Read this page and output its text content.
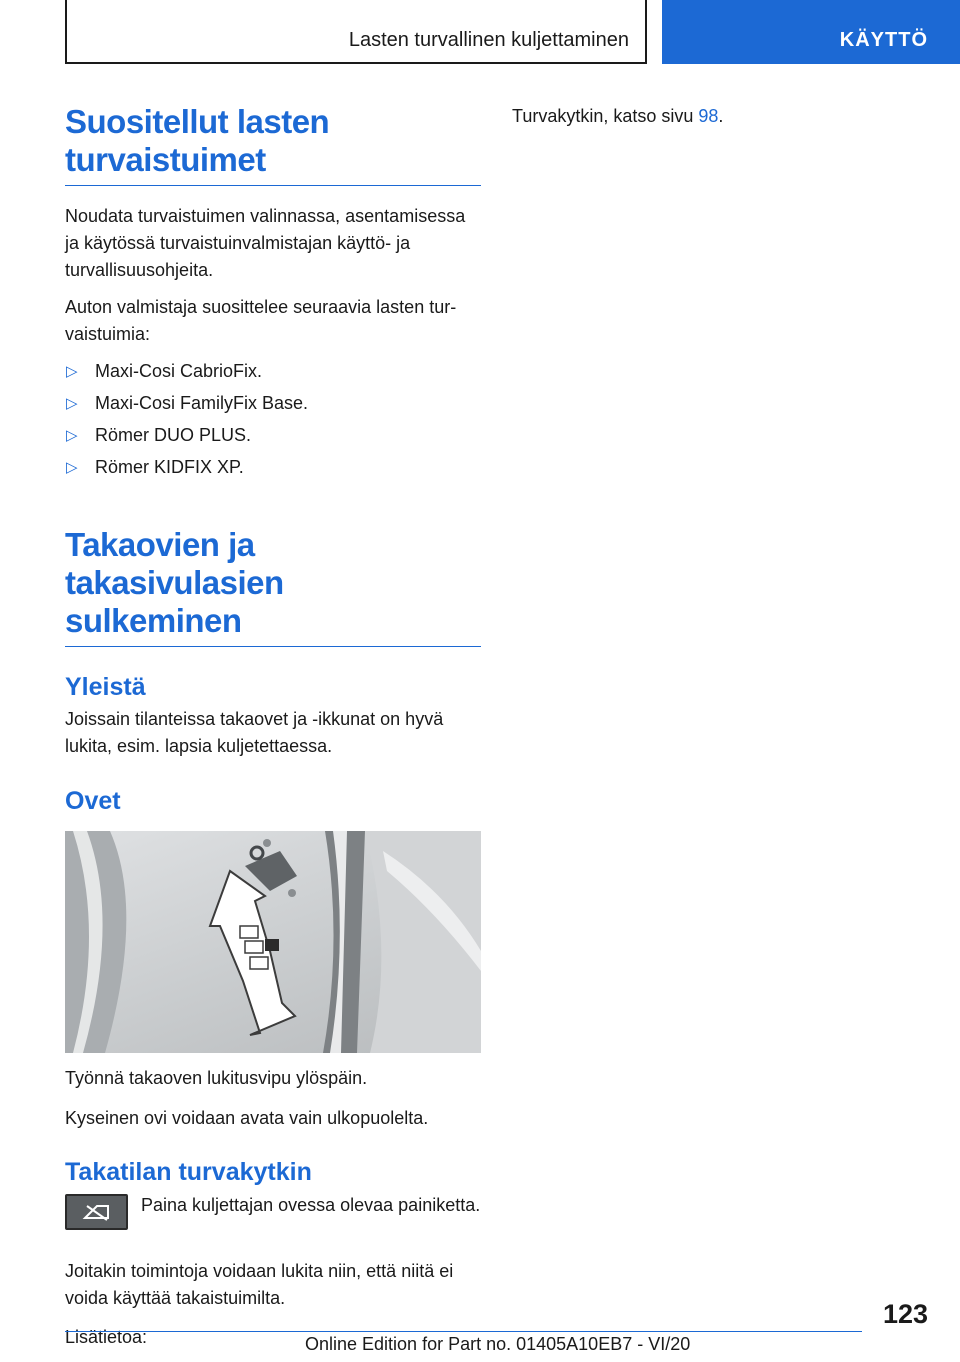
Lasten turvallinen kuljettaminen	KÄYTTÖ
Suositellut lasten
turvaistuimet

Noudata turvaistuimen valinnassa, asentamisessa ja käytössä turvaistuinvalmistajan käyttö- ja turvallisuusohjeita.

Auton valmistaja suosittelee seuraavia lasten turvaistuimia:

▷ Maxi-Cosi CabrioFix.
▷ Maxi-Cosi FamilyFix Base.
▷ Römer DUO PLUS.
▷ Römer KIDFIX XP.
Takaovien ja takasivulasien
sulkeminen
Yleistä

Joissain tilanteissa takaovet ja -ikkunat on hyvä lukita, esim. lapsia kuljetettaessa.

Ovet

Työnnä takaoven lukitusvipu ylöspäin.

Kyseinen ovi voidaan avata vain ulkopuolelta.

Takatilan turvakytkin

Paina kuljettajan ovessa olevaa painiketta.

Joitakin toimintoja voidaan lukita niin, että niitä ei voida käyttää takaistuimilta.

Lisätietoa:

Turvakytkin, katso sivu 98.

123
Online Edition for Part no. 01405A10EB7 - VI/20
